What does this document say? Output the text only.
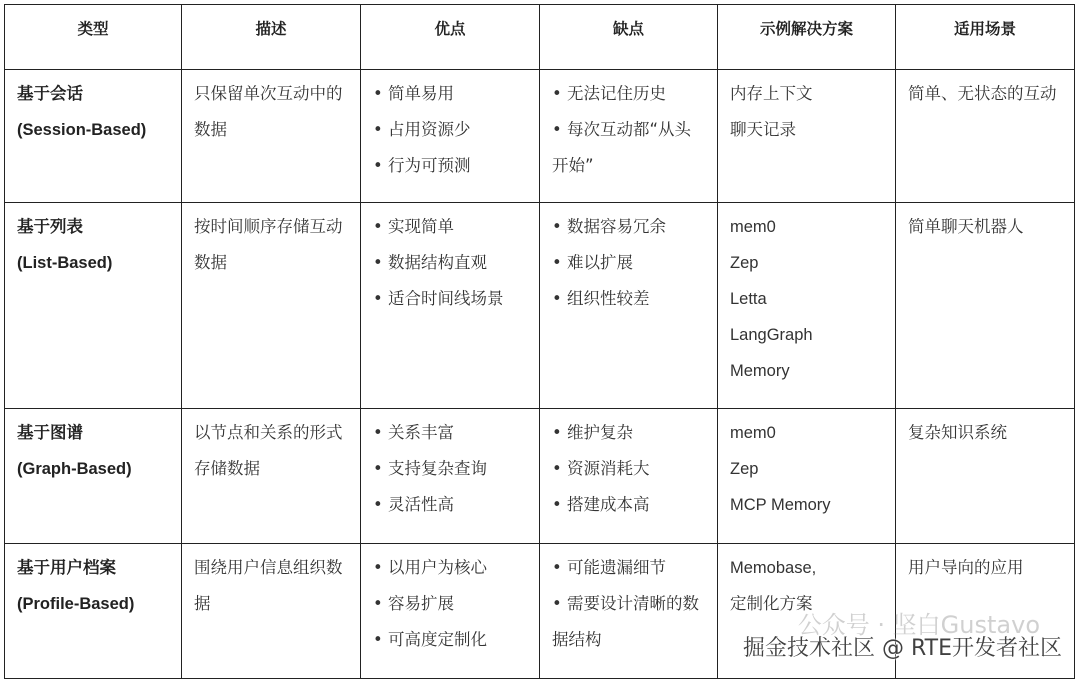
类型	描述	优点	缺点	示例解决方案	适用场景

基于会话
(Session-Based)	只保留单次互动中的数据	• 简单易用
• 占用资源少
• 行为可预测	• 无法记住历史
• 每次互动都“从头开始”	内存上下文
聊天记录	简单、无状态的互动

基于列表
(List-Based)	按时间顺序存储互动数据	• 实现简单
• 数据结构直观
• 适合时间线场景	• 数据容易冗余
• 难以扩展
• 组织性较差	mem0
Zep
Letta
LangGraph
Memory	简单聊天机器人

基于图谱
(Graph-Based)	以节点和关系的形式存储数据	• 关系丰富
• 支持复杂查询
• 灵活性高	• 维护复杂
• 资源消耗大
• 搭建成本高	mem0
Zep
MCP Memory	复杂知识系统

基于用户档案
(Profile-Based)	围绕用户信息组织数据	• 以用户为核心
• 容易扩展
• 可高度定制化	• 可能遗漏细节
• 需要设计清晰的数据结构	Memobase,
定制化方案	用户导向的应用
公众号 · 坚白Gustavo
掘金技术社区 @ RTE开发者社区
